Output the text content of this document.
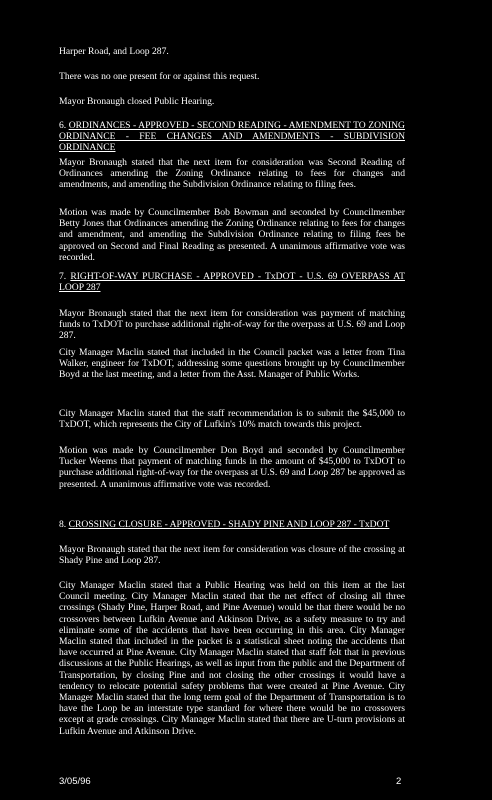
Harper Road, and Loop 287.

There was no one present for or against this request.

Mayor Bronaugh closed Public Hearing.

6. ORDINANCES - APPROVED - SECOND READING - AMENDMENT TO ZONING ORDINANCE - FEE CHANGES AND AMENDMENTS - SUBDIVISION ORDINANCE

Mayor Bronaugh stated that the next item for consideration was Second Reading of Ordinances amending the Zoning Ordinance relating to fees for changes and amendments, and amending the Subdivision Ordinance relating to filing fees.

Motion was made by Councilmember Bob Bowman and seconded by Councilmember Betty Jones that Ordinances amending the Zoning Ordinance relating to fees for changes and amendment, and amending the Subdivision Ordinance relating to filing fees be approved on Second and Final Reading as presented. A unanimous affirmative vote was recorded.

7. RIGHT-OF-WAY PURCHASE - APPROVED - TxDOT - U.S. 69 OVERPASS AT LOOP 287

Mayor Bronaugh stated that the next item for consideration was payment of matching funds to TxDOT to purchase additional right-of-way for the overpass at U.S. 69 and Loop 287.

City Manager Maclin stated that included in the Council packet was a letter from Tina Walker, engineer for TxDOT, addressing some questions brought up by Councilmember Boyd at the last meeting, and a letter from the Asst. Manager of Public Works.

City Manager Maclin stated that the staff recommendation is to submit the $45,000 to TxDOT, which represents the City of Lufkin's 10% match towards this project.

Motion was made by Councilmember Don Boyd and seconded by Councilmember Tucker Weems that payment of matching funds in the amount of $45,000 to TxDOT to purchase additional right-of-way for the overpass at U.S. 69 and Loop 287 be approved as presented. A unanimous affirmative vote was recorded.

8. CROSSING CLOSURE - APPROVED - SHADY PINE AND LOOP 287 - TxDOT

Mayor Bronaugh stated that the next item for consideration was closure of the crossing at Shady Pine and Loop 287.

City Manager Maclin stated that a Public Hearing was held on this item at the last Council meeting. City Manager Maclin stated that the net effect of closing all three crossings (Shady Pine, Harper Road, and Pine Avenue) would be that there would be no crossovers between Lufkin Avenue and Atkinson Drive, as a safety measure to try and eliminate some of the accidents that have been occurring in this area. City Manager Maclin stated that included in the packet is a statistical sheet noting the accidents that have occurred at Pine Avenue. City Manager Maclin stated that staff felt that in previous discussions at the Public Hearings, as well as input from the public and the Department of Transportation, by closing Pine and not closing the other crossings it would have a tendency to relocate potential safety problems that were created at Pine Avenue. City Manager Maclin stated that the long term goal of the Department of Transportation is to have the Loop be an interstate type standard for where there would be no crossovers except at grade crossings. City Manager Maclin stated that there are U-turn provisions at Lufkin Avenue and Atkinson Drive.

3/05/96	2
